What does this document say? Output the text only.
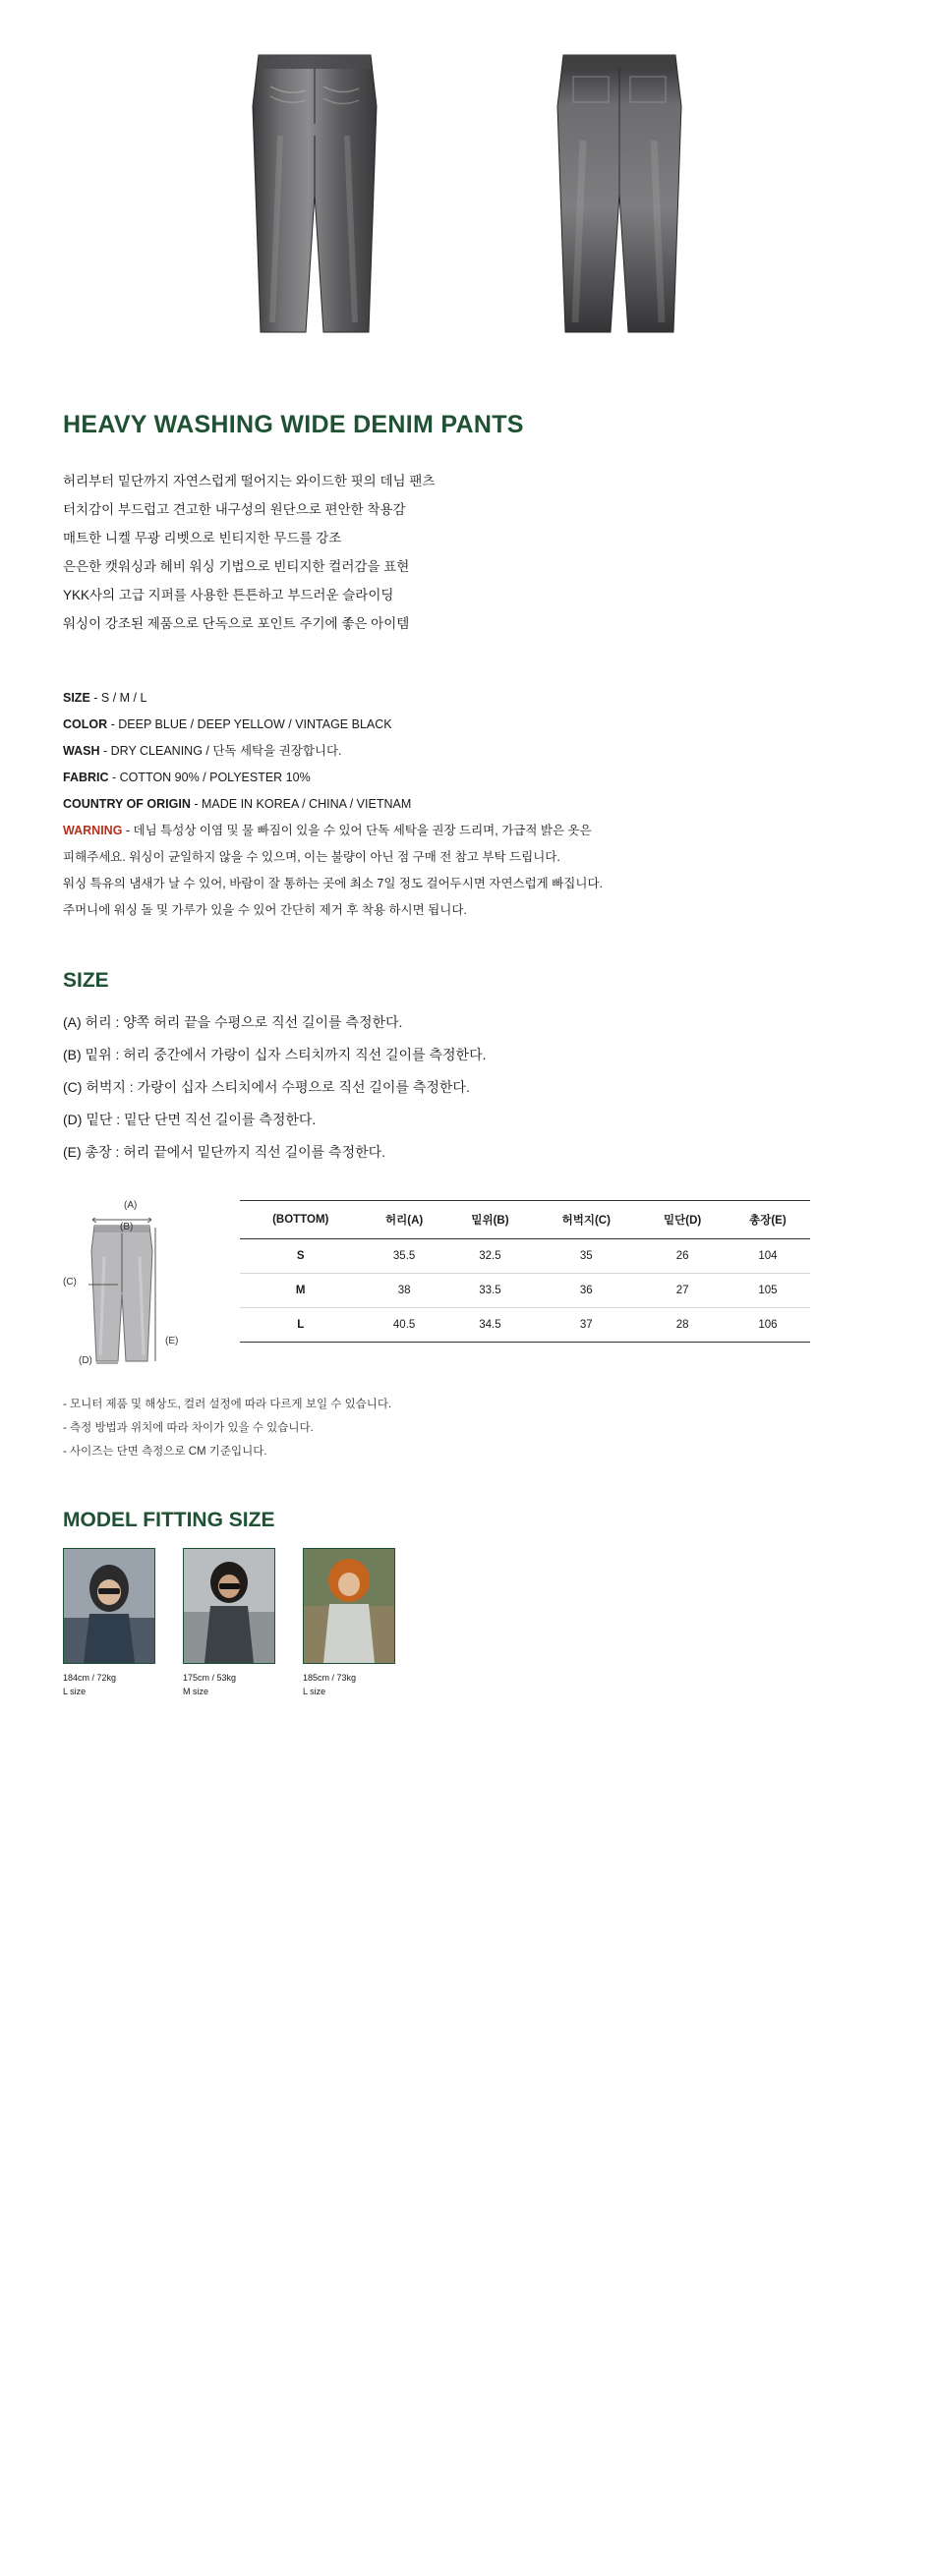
HEAVY WASHING WIDE DENIM PANTS

허리부터 밑단까지 자연스럽게 떨어지는 와이드한 핏의 데님 팬츠

터치감이 부드럽고 견고한 내구성의 원단으로 편안한 착용감

매트한 니켈 무광 리벳으로 빈티지한 무드를 강조

은은한 캣워싱과 헤비 워싱 기법으로 빈티지한 컬러감을 표현

YKK사의 고급 지퍼를 사용한 튼튼하고 부드러운 슬라이딩

워싱이 강조된 제품으로 단독으로 포인트 주기에 좋은 아이템

SIZE - S / M / L
COLOR - DEEP BLUE / DEEP YELLOW / VINTAGE BLACK
WASH - DRY CLEANING / 단독 세탁을 권장합니다.
FABRIC - COTTON 90% / POLYESTER 10%
COUNTRY OF ORIGIN - MADE IN KOREA / CHINA / VIETNAM
WARNING - 데님 특성상 이염 및 물 빠짐이 있을 수 있어 단독 세탁을 권장 드리며, 가급적 밝은 옷은

피해주세요. 워싱이 균일하지 않을 수 있으며, 이는 불량이 아닌 점 구매 전 참고 부탁 드립니다.

워싱 특유의 냄새가 날 수 있어, 바람이 잘 통하는 곳에 최소 7일 정도 걸어두시면 자연스럽게 빠집니다.

주머니에 워싱 돌 및 가루가 있을 수 있어 간단히 제거 후 착용 하시면 됩니다.

SIZE

(A) 허리 : 양쪽 허리 끝을 수평으로 직선 길이를 측정한다.

(B) 밑위 : 허리 중간에서 가랑이 십자 스티치까지 직선 길이를 측정한다.

(C) 허벅지 : 가랑이 십자 스티치에서 수평으로 직선 길이를 측정한다.

(D) 밑단 : 밑단 단면 직선 길이를 측정한다.

(E) 총장 : 허리 끝에서 밑단까지 직선 길이를 측정한다.

(A)
(B)
(C)
(D)
(E)
(BOTTOM)	허리(A)	밑위(B)	허벅지(C)	밑단(D)	총장(E)
S	35.5	32.5	35	26	104
M	38	33.5	36	27	105
L	40.5	34.5	37	28	106

- 모니터 제품 및 해상도, 컬러 설정에 따라 다르게 보일 수 있습니다.

- 측정 방법과 위치에 따라 차이가 있을 수 있습니다.

- 사이즈는 단면 측정으로 CM 기준입니다.

MODEL FITTING SIZE
184cm / 72kg
L size
175cm / 53kg
M size
185cm / 73kg
L size
